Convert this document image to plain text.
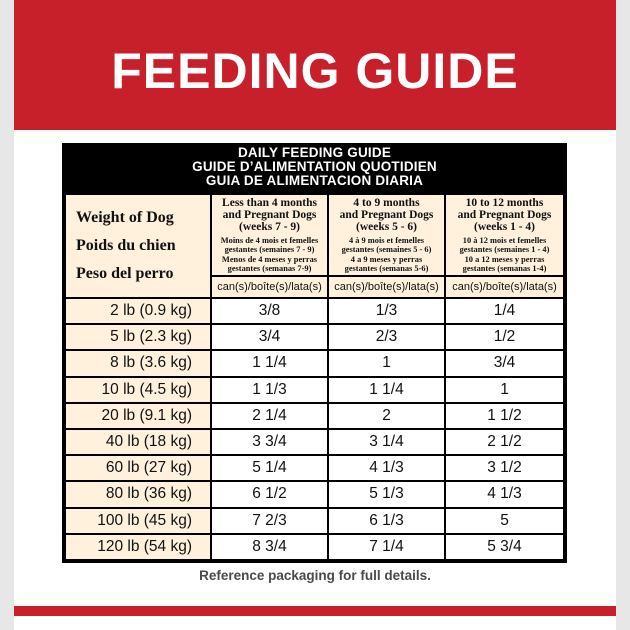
FEEDING GUIDE
DAILY FEEDING GUIDE
GUIDE D’ALIMENTATION QUOTIDIEN
GUIA DE ALIMENTACION DIARIA
Weight of Dog
Poids du chien
Peso del perro
Less than 4 months
and Pregnant Dogs
(weeks 7 - 9)
Moins de 4 mois et femelles
gestantes (semaines 7 - 9)
Menos de 4 meses y perras
gestantes (semanas 7-9)
4 to 9 months
and Pregnant Dogs
(weeks 5 - 6)
4 à 9 mois et femelles
gestantes (semaines 5 - 6)
4 a 9 meses y perras
gestantes (semanas 5-6)
10 to 12 months
and Pregnant Dogs
(weeks 1 - 4)
10 à 12 mois et femelles
gestantes (semaines 1 - 4)
10 a 12 meses y perras
gestantes (semanas 1-4)
can(s)/boîte(s)/lata(s)	can(s)/boîte(s)/lata(s)	can(s)/boîte(s)/lata(s)
2 lb (0.9 kg)	3/8	1/3	1/4
5 lb (2.3 kg)	3/4	2/3	1/2
8 lb (3.6 kg)	1 1/4	1	3/4
10 lb (4.5 kg)	1 1/3	1 1/4	1
20 lb (9.1 kg)	2 1/4	2	1 1/2
40 lb (18 kg)	3 3/4	3 1/4	2 1/2
60 lb (27 kg)	5 1/4	4 1/3	3 1/2
80 lb (36 kg)	6 1/2	5 1/3	4 1/3
100 lb (45 kg)	7 2/3	6 1/3	5
120 lb (54 kg)	8 3/4	7 1/4	5 3/4
Reference packaging for full details.
